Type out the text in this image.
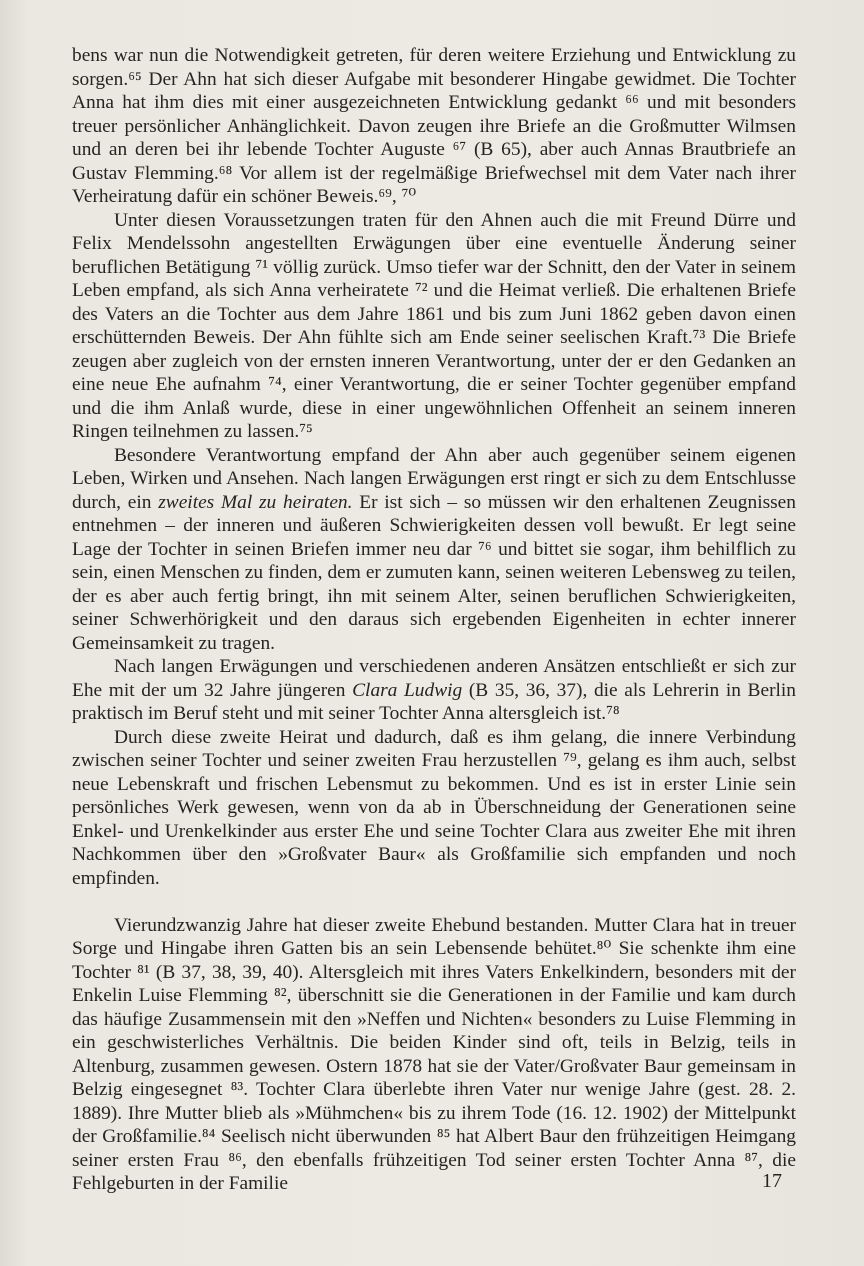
bens war nun die Notwendigkeit getreten, für deren weitere Erziehung und Entwicklung zu sorgen.⁶⁵ Der Ahn hat sich dieser Aufgabe mit besonderer Hingabe gewidmet. Die Tochter Anna hat ihm dies mit einer ausgezeichneten Entwicklung gedankt ⁶⁶ und mit besonders treuer persönlicher Anhänglichkeit. Davon zeugen ihre Briefe an die Großmutter Wilmsen und an deren bei ihr lebende Tochter Auguste ⁶⁷ (B 65), aber auch Annas Brautbriefe an Gustav Flemming.⁶⁸ Vor allem ist der regelmäßige Briefwechsel mit dem Vater nach ihrer Verheiratung dafür ein schöner Beweis.⁶⁹, ⁷⁰

Unter diesen Voraussetzungen traten für den Ahnen auch die mit Freund Dürre und Felix Mendelssohn angestellten Erwägungen über eine eventuelle Änderung seiner beruflichen Betätigung ⁷¹ völlig zurück. Umso tiefer war der Schnitt, den der Vater in seinem Leben empfand, als sich Anna verheiratete ⁷² und die Heimat verließ. Die erhaltenen Briefe des Vaters an die Tochter aus dem Jahre 1861 und bis zum Juni 1862 geben davon einen erschütternden Beweis. Der Ahn fühlte sich am Ende seiner seelischen Kraft.⁷³ Die Briefe zeugen aber zugleich von der ernsten inneren Verantwortung, unter der er den Gedanken an eine neue Ehe aufnahm ⁷⁴, einer Verantwortung, die er seiner Tochter gegenüber empfand und die ihm Anlaß wurde, diese in einer ungewöhnlichen Offenheit an seinem inneren Ringen teilnehmen zu lassen.⁷⁵

Besondere Verantwortung empfand der Ahn aber auch gegenüber seinem eigenen Leben, Wirken und Ansehen. Nach langen Erwägungen erst ringt er sich zu dem Entschlusse durch, ein zweites Mal zu heiraten. Er ist sich – so müssen wir den erhaltenen Zeugnissen entnehmen – der inneren und äußeren Schwierigkeiten dessen voll bewußt. Er legt seine Lage der Tochter in seinen Briefen immer neu dar ⁷⁶ und bittet sie sogar, ihm behilflich zu sein, einen Menschen zu finden, dem er zumuten kann, seinen weiteren Lebensweg zu teilen, der es aber auch fertig bringt, ihn mit seinem Alter, seinen beruflichen Schwierigkeiten, seiner Schwerhörigkeit und den daraus sich ergebenden Eigenheiten in echter innerer Gemeinsamkeit zu tragen.

Nach langen Erwägungen und verschiedenen anderen Ansätzen entschließt er sich zur Ehe mit der um 32 Jahre jüngeren Clara Ludwig (B 35, 36, 37), die als Lehrerin in Berlin praktisch im Beruf steht und mit seiner Tochter Anna altersgleich ist.⁷⁸

Durch diese zweite Heirat und dadurch, daß es ihm gelang, die innere Verbindung zwischen seiner Tochter und seiner zweiten Frau herzustellen ⁷⁹, gelang es ihm auch, selbst neue Lebenskraft und frischen Lebensmut zu bekommen. Und es ist in erster Linie sein persönliches Werk gewesen, wenn von da ab in Überschneidung der Generationen seine Enkel- und Urenkelkinder aus erster Ehe und seine Tochter Clara aus zweiter Ehe mit ihren Nachkommen über den »Großvater Baur« als Großfamilie sich empfanden und noch empfinden.

Vierundzwanzig Jahre hat dieser zweite Ehebund bestanden. Mutter Clara hat in treuer Sorge und Hingabe ihren Gatten bis an sein Lebensende behütet.⁸⁰ Sie schenkte ihm eine Tochter ⁸¹ (B 37, 38, 39, 40). Altersgleich mit ihres Vaters Enkelkindern, besonders mit der Enkelin Luise Flemming ⁸², überschnitt sie die Generationen in der Familie und kam durch das häufige Zusammensein mit den »Neffen und Nichten« besonders zu Luise Flemming in ein geschwisterliches Verhältnis. Die beiden Kinder sind oft, teils in Belzig, teils in Altenburg, zusammen gewesen. Ostern 1878 hat sie der Vater/Großvater Baur gemeinsam in Belzig eingesegnet ⁸³. Tochter Clara überlebte ihren Vater nur wenige Jahre (gest. 28. 2. 1889). Ihre Mutter blieb als »Mühmchen« bis zu ihrem Tode (16. 12. 1902) der Mittelpunkt der Großfamilie.⁸⁴ Seelisch nicht überwunden ⁸⁵ hat Albert Baur den frühzeitigen Heimgang seiner ersten Frau ⁸⁶, den ebenfalls frühzeitigen Tod seiner ersten Tochter Anna ⁸⁷, die Fehlgeburten in der Familie	17
